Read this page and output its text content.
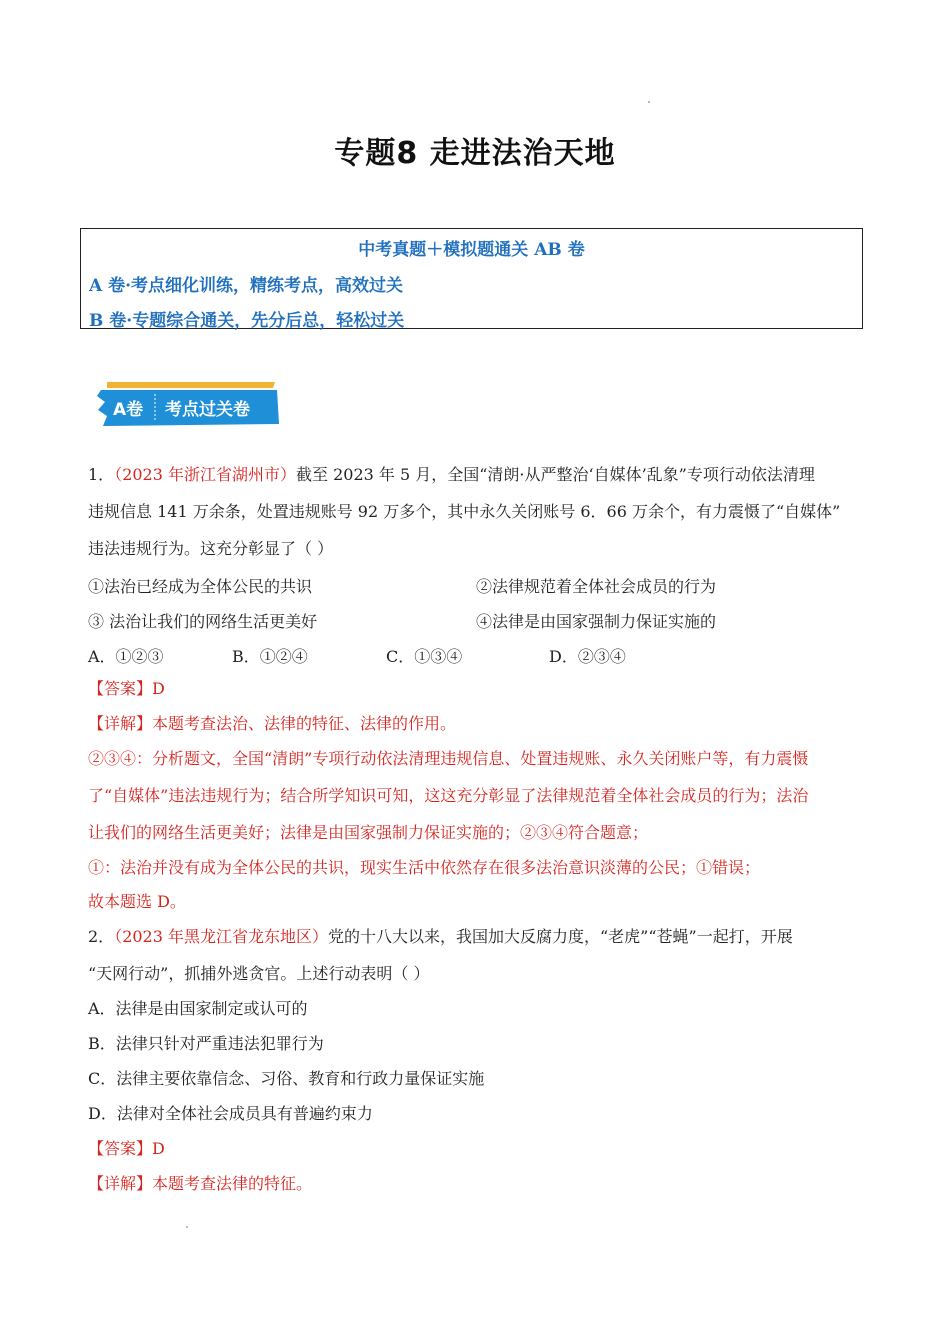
专题8 走进法治天地
中考真题＋模拟题通关 AB 卷
A 卷·考点细化训练，精练考点，高效过关
B 卷·专题综合通关，先分后总，轻松过关
A卷 考点过关卷
1．（2023 年浙江省湖州市）截至 2023 年 5 月，全国“清朗·从严整治‘自媒体’乱象”专项行动依法清理
违规信息 141 万余条，处置违规账号 92 万多个，其中永久关闭账号 6．66 万余个，有力震慑了“自媒体”
违法违规行为。这充分彰显了（ ）
①法治已经成为全体公民的共识	②法律规范着全体社会成员的行为
③ 法治让我们的网络生活更美好	④法律是由国家强制力保证实施的
A．①②③	B．①②④	C．①③④	D．②③④
【答案】D
【详解】本题考查法治、法律的特征、法律的作用。
②③④：分析题文，全国“清朗”专项行动依法清理违规信息、处置违规账、永久关闭账户等，有力震慑
了“自媒体”违法违规行为；结合所学知识可知，这这充分彰显了法律规范着全体社会成员的行为；法治
让我们的网络生活更美好；法律是由国家强制力保证实施的；②③④符合题意；
①：法治并没有成为全体公民的共识，现实生活中依然存在很多法治意识淡薄的公民；①错误；
故本题选 D。
2．（2023 年黑龙江省龙东地区）党的十八大以来，我国加大反腐力度，“老虎”“苍蝇”一起打，开展
“天网行动”，抓捕外逃贪官。上述行动表明（ ）
A．法律是由国家制定或认可的
B．法律只针对严重违法犯罪行为
C．法律主要依靠信念、习俗、教育和行政力量保证实施
D．法律对全体社会成员具有普遍约束力
【答案】D
【详解】本题考查法律的特征。
